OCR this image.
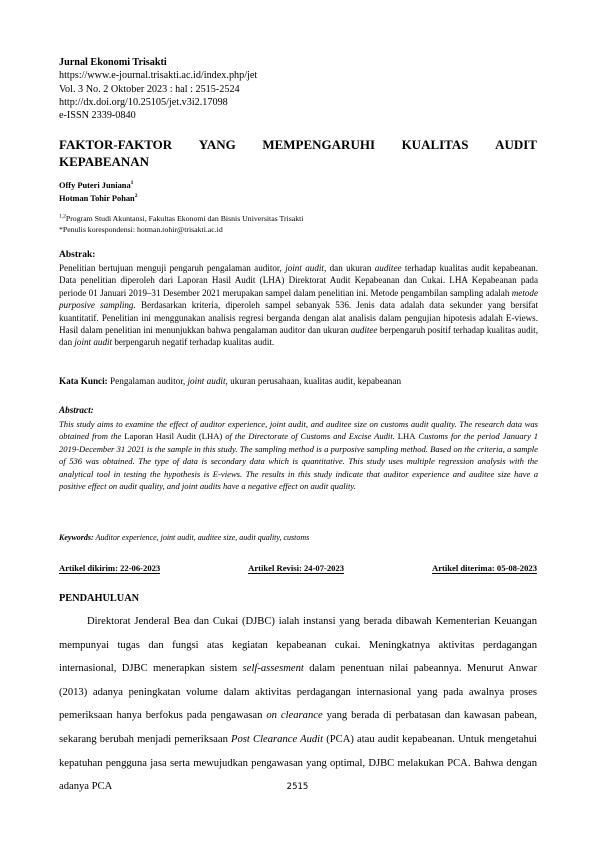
Jurnal Ekonomi Trisakti
https://www.e-journal.trisakti.ac.id/index.php/jet
Vol. 3 No. 2 Oktober 2023 : hal : 2515-2524
http://dx.doi.org/10.25105/jet.v3i2.17098
e-ISSN 2339-0840
FAKTOR-FAKTOR YANG MEMPENGARUHI KUALITAS AUDIT
KEPABEANAN
Offy Puteri Juniana$^1$
Hotman Tohir Pohan$^2$
$^{1,2}$Program Studi Akuntansi, Fakultas Ekonomi dan Bisnis Universitas Trisakti
*Penulis korespondensi: hotman.tohir@trisakti.ac.id
Abstrak:
Penelitian bertujuan menguji pengaruh pengalaman auditor, joint audit, dan ukuran auditee terhadap kualitas audit kepabeanan. Data penelitian diperoleh dari Laporan Hasil Audit (LHA) Direktorat Audit Kepabeanan dan Cukai. LHA Kepabeanan pada periode 01 Januari 2019–31 Desember 2021 merupakan sampel dalam penelitian ini. Metode pengambilan sampling adalah metode purposive sampling. Berdasarkan kriteria, diperoleh sampel sebanyak 536. Jenis data adalah data sekunder yang bersifat kuantitatif. Penelitian ini menggunakan analisis regresi berganda dengan alat analisis dalam pengujian hipotesis adalah E-views. Hasil dalam penelitian ini menunjukkan bahwa pengalaman auditor dan ukuran auditee berpengaruh positif terhadap kualitas audit, dan joint audit berpengaruh negatif terhadap kualitas audit.
Kata Kunci: Pengalaman auditor, joint audit, ukuran perusahaan, kualitas audit, kepabeanan
Abstract:
This study aims to examine the effect of auditor experience, joint audit, and auditee size on customs audit quality. The research data was obtained from the Laporan Hasil Audit (LHA) of the Directorate of Customs and Excise Audit. LHA Customs for the period January 1 2019-December 31 2021 is the sample in this study. The sampling method is a purposive sampling method. Based on the criteria, a sample of 536 was obtained. The type of data is secondary data which is quantitative. This study uses multiple regression analysis with the analytical tool in testing the hypothesis is E-views. The results in this study indicate that auditor experience and auditee size have a positive effect on audit quality, and joint audits have a negative effect on audit quality.
Keywords: Auditor experience, joint audit, auditee size, audit quality, customs
Artikel dikirim: 22-06-2023	Artikel Revisi: 24-07-2023	Artikel diterima: 05-08-2023
PENDAHULUAN
Direktorat Jenderal Bea dan Cukai (DJBC) ialah instansi yang berada dibawah Kementerian Keuangan mempunyai tugas dan fungsi atas kegiatan kepabeanan cukai. Meningkatnya aktivitas perdagangan internasional, DJBC menerapkan sistem self-assesment dalam penentuan nilai pabeannya. Menurut Anwar (2013) adanya peningkatan volume dalam aktivitas perdagangan internasional yang pada awalnya proses pemeriksaan hanya berfokus pada pengawasan on clearance yang berada di perbatasan dan kawasan pabean, sekarang berubah menjadi pemeriksaan Post Clearance Audit (PCA) atau audit kepabeanan. Untuk mengetahui kepatuhan pengguna jasa serta mewujudkan pengawasan yang optimal, DJBC melakukan PCA. Bahwa dengan adanya PCA	2515
